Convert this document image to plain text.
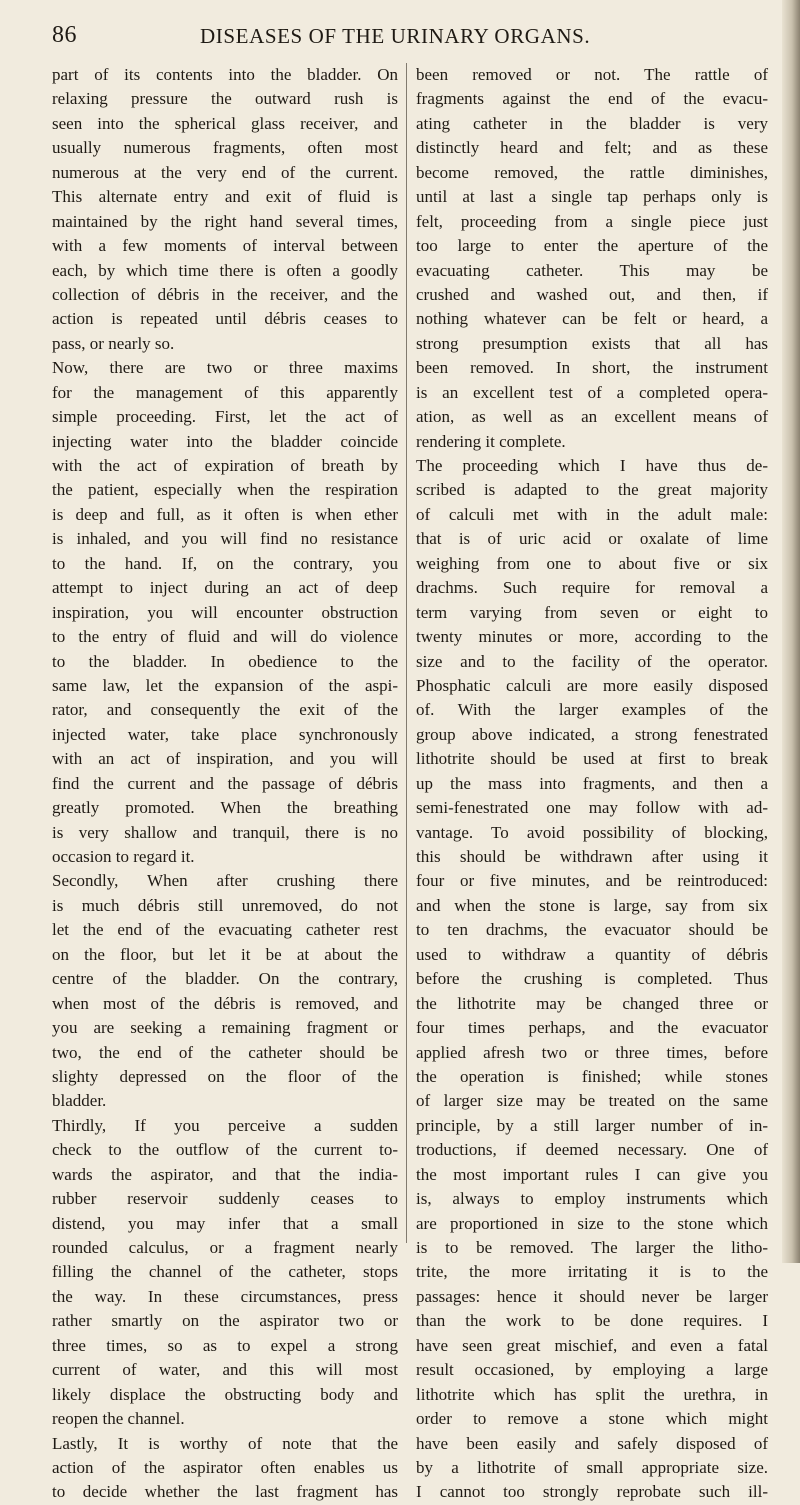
86	DISEASES OF THE URINARY ORGANS.
part of its contents into the bladder. On
relaxing pressure the outward rush is
seen into the spherical glass receiver, and
usually numerous fragments, often most
numerous at the very end of the current.
This alternate entry and exit of fluid is
maintained by the right hand several times,
with a few moments of interval between
each, by which time there is often a goodly
collection of débris in the receiver, and the
action is repeated until débris ceases to
pass, or nearly so.
Now, there are two or three maxims
for the management of this apparently
simple proceeding. First, let the act of
injecting water into the bladder coincide
with the act of expiration of breath by
the patient, especially when the respiration
is deep and full, as it often is when ether
is inhaled, and you will find no resistance
to the hand. If, on the contrary, you
attempt to inject during an act of deep
inspiration, you will encounter obstruction
to the entry of fluid and will do violence
to the bladder. In obedience to the
same law, let the expansion of the aspi-
rator, and consequently the exit of the
injected water, take place synchronously
with an act of inspiration, and you will
find the current and the passage of débris
greatly promoted. When the breathing
is very shallow and tranquil, there is no
occasion to regard it.
Secondly, When after crushing there
is much débris still unremoved, do not
let the end of the evacuating catheter rest
on the floor, but let it be at about the
centre of the bladder. On the contrary,
when most of the débris is removed, and
you are seeking a remaining fragment or
two, the end of the catheter should be
slighty depressed on the floor of the
bladder.
Thirdly, If you perceive a sudden
check to the outflow of the current to-
wards the aspirator, and that the india-
rubber reservoir suddenly ceases to
distend, you may infer that a small
rounded calculus, or a fragment nearly
filling the channel of the catheter, stops
the way. In these circumstances, press
rather smartly on the aspirator two or
three times, so as to expel a strong
current of water, and this will most
likely displace the obstructing body and
reopen the channel.
Lastly, It is worthy of note that the
action of the aspirator often enables us
to decide whether the last fragment has
been removed or not. The rattle of
fragments against the end of the evacu-
ating catheter in the bladder is very
distinctly heard and felt; and as these
become removed, the rattle diminishes,
until at last a single tap perhaps only is
felt, proceeding from a single piece just
too large to enter the aperture of the
evacuating catheter. This may be
crushed and washed out, and then, if
nothing whatever can be felt or heard, a
strong presumption exists that all has
been removed. In short, the instrument
is an excellent test of a completed opera-
ation, as well as an excellent means of
rendering it complete.
The proceeding which I have thus de-
scribed is adapted to the great majority
of calculi met with in the adult male:
that is of uric acid or oxalate of lime
weighing from one to about five or six
drachms. Such require for removal a
term varying from seven or eight to
twenty minutes or more, according to the
size and to the facility of the operator.
Phosphatic calculi are more easily disposed
of. With the larger examples of the
group above indicated, a strong fenestrated
lithotrite should be used at first to break
up the mass into fragments, and then a
semi-fenestrated one may follow with ad-
vantage. To avoid possibility of blocking,
this should be withdrawn after using it
four or five minutes, and be reintroduced:
and when the stone is large, say from six
to ten drachms, the evacuator should be
used to withdraw a quantity of débris
before the crushing is completed. Thus
the lithotrite may be changed three or
four times perhaps, and the evacuator
applied afresh two or three times, before
the operation is finished; while stones
of larger size may be treated on the same
principle, by a still larger number of in-
troductions, if deemed necessary. One of
the most important rules I can give you
is, always to employ instruments which
are proportioned in size to the stone which
is to be removed. The larger the litho-
trite, the more irritating it is to the
passages: hence it should never be larger
than the work to be done requires. I
have seen great mischief, and even a fatal
result occasioned, by employing a large
lithotrite which has split the urethra, in
order to remove a stone which might
have been easily and safely disposed of
by a lithotrite of small appropriate size.
I cannot too strongly reprobate such ill-
